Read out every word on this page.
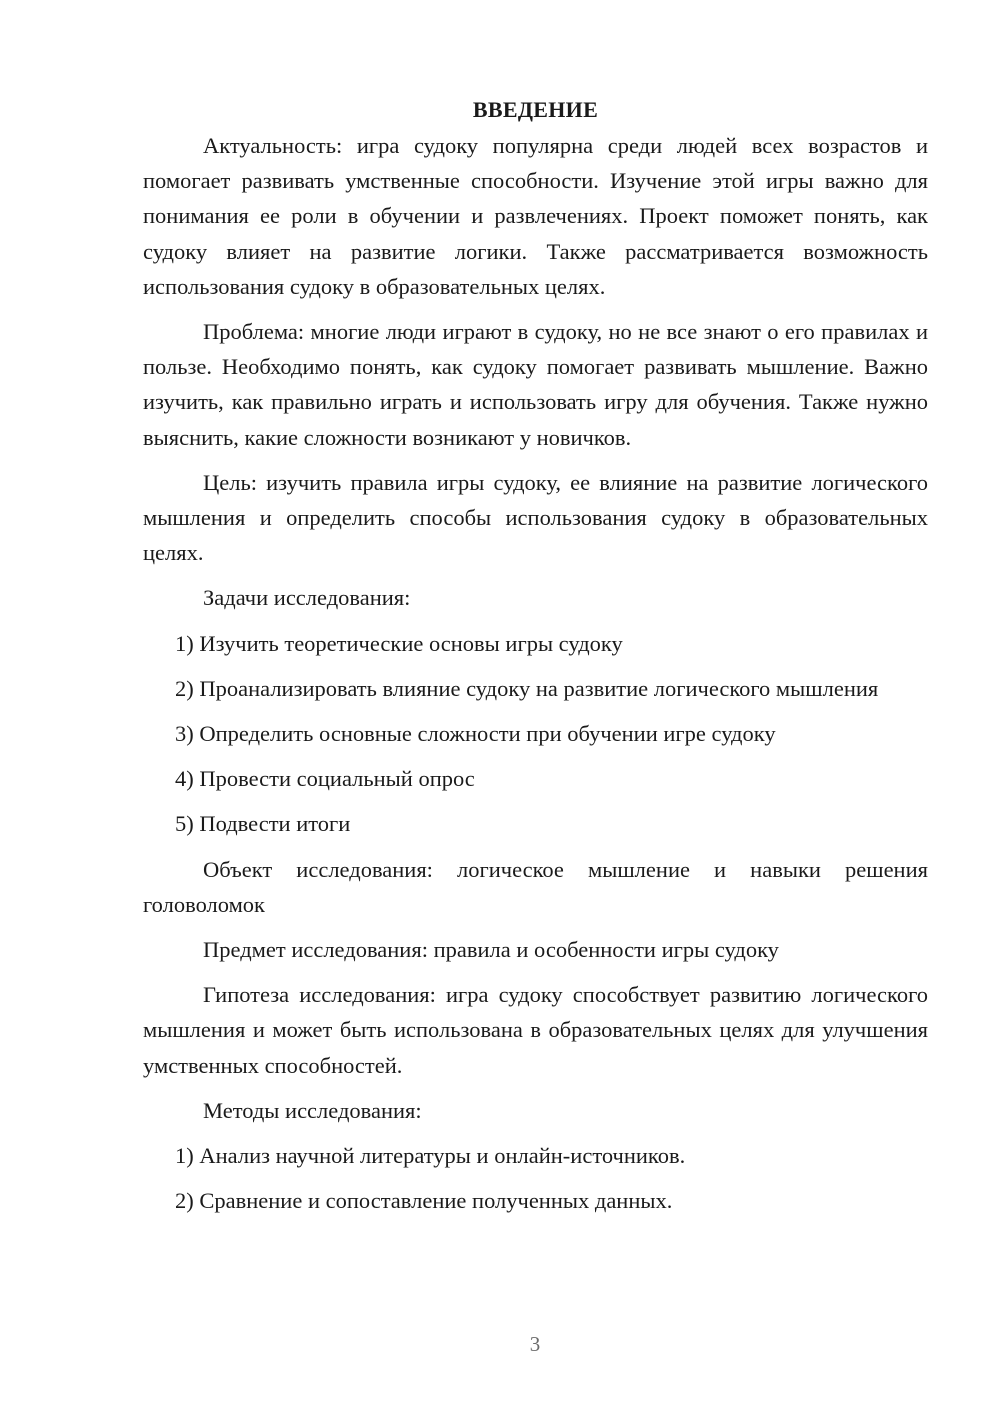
ВВЕДЕНИЕ

Актуальность: игра судоку популярна среди людей всех возрастов и помогает развивать умственные способности. Изучение этой игры важно для понимания ее роли в обучении и развлечениях. Проект поможет понять, как судоку влияет на развитие логики. Также рассматривается возможность использования судоку в образовательных целях.

Проблема: многие люди играют в судоку, но не все знают о его правилах и пользе. Необходимо понять, как судоку помогает развивать мышление. Важно изучить, как правильно играть и использовать игру для обучения. Также нужно выяснить, какие сложности возникают у новичков.

Цель: изучить правила игры судоку, ее влияние на развитие логического мышления и определить способы использования судоку в образовательных целях.

Задачи исследования:

1) Изучить теоретические основы игры судоку

2) Проанализировать влияние судоку на развитие логического мышления

3) Определить основные сложности при обучении игре судоку

4) Провести социальный опрос

5) Подвести итоги

Объект исследования: логическое мышление и навыки решения головоломок

Предмет исследования: правила и особенности игры судоку

Гипотеза исследования: игра судоку способствует развитию логического мышления и может быть использована в образовательных целях для улучшения умственных способностей.

Методы исследования:

1) Анализ научной литературы и онлайн-источников.

2) Сравнение и сопоставление полученных данных.

3
